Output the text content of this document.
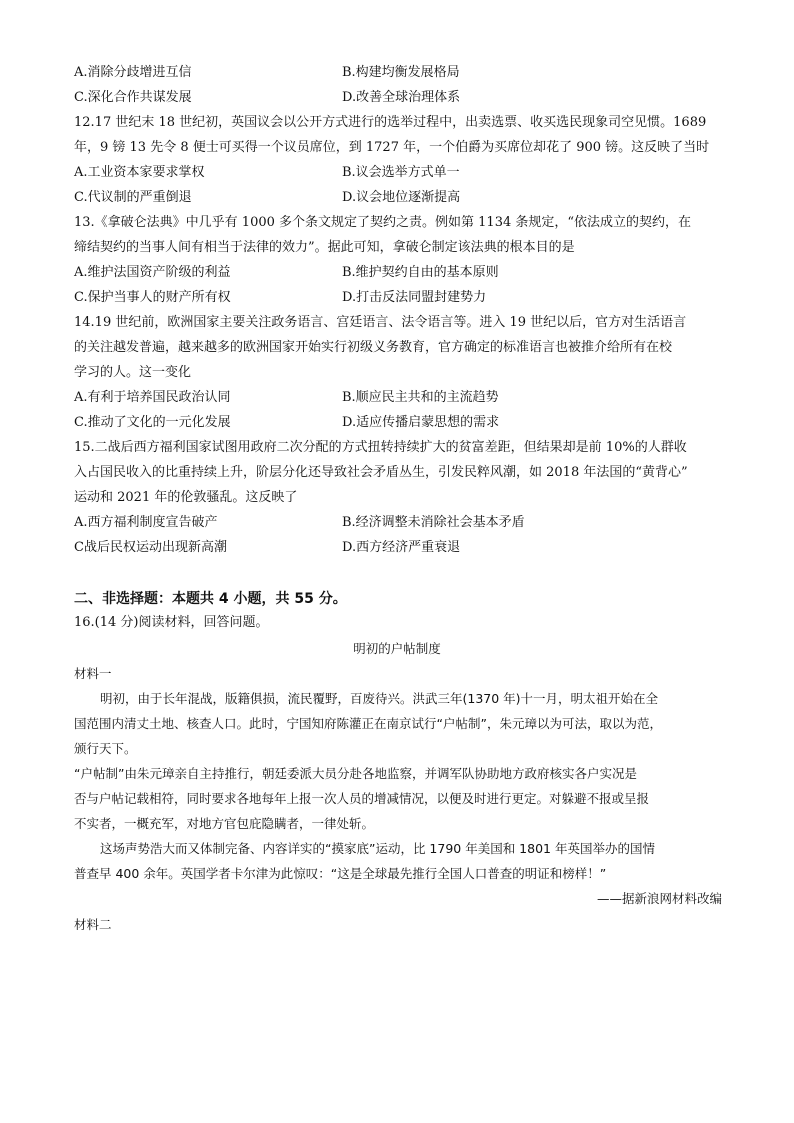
A.消除分歧增进互信	B.构建均衡发展格局
C.深化合作共谋发展	D.改善全球治理体系
12.17 世纪末 18 世纪初，英国议会以公开方式进行的选举过程中，出卖选票、收买选民现象司空见惯。1689
年，9 镑 13 先令 8 便士可买得一个议员席位，到 1727 年，一个伯爵为买席位却花了 900 镑。这反映了当时
A.工业资本家要求掌权	B.议会选举方式单一
C.代议制的严重倒退	D.议会地位逐渐提高
13.《拿破仑法典》中几乎有 1000 多个条文规定了契约之责。例如第 1134 条规定，“依法成立的契约，在
缔结契约的当事人间有相当于法律的效力”。据此可知，拿破仑制定该法典的根本目的是
A.维护法国资产阶级的利益	B.维护契约自由的基本原则
C.保护当事人的财产所有权	D.打击反法同盟封建势力
14.19 世纪前，欧洲国家主要关注政务语言、宫廷语言、法令语言等。进入 19 世纪以后，官方对生活语言
的关注越发普遍，越来越多的欧洲国家开始实行初级义务教育，官方确定的标准语言也被推介给所有在校
学习的人。这一变化
A.有利于培养国民政治认同	B.顺应民主共和的主流趋势
C.推动了文化的一元化发展	D.适应传播启蒙思想的需求
15.二战后西方福利国家试图用政府二次分配的方式扭转持续扩大的贫富差距，但结果却是前 10%的人群收
入占国民收入的比重持续上升，阶层分化还导致社会矛盾丛生，引发民粹风潮，如 2018 年法国的“黄背心”
运动和 2021 年的伦敦骚乱。这反映了
A.西方福利制度宣告破产	B.经济调整未消除社会基本矛盾
C战后民权运动出现新高潮	D.西方经济严重衰退
二、非选择题：本题共 4 小题，共 55 分。
16.(14 分)阅读材料，回答问题。
明初的户帖制度
材料一
明初，由于长年混战，版籍俱损，流民覆野，百废待兴。洪武三年(1370 年)十一月，明太祖开始在全
国范围内清丈土地、核查人口。此时，宁国知府陈灌正在南京试行“户帖制”，朱元璋以为可法，取以为范，
颁行天下。
“户帖制”由朱元璋亲自主持推行，朝廷委派大员分赴各地监察，并调军队协助地方政府核实各户实况是
否与户帖记载相符，同时要求各地每年上报一次人员的增减情况，以便及时进行更定。对躲避不报或呈报
不实者，一概充军，对地方官包庇隐瞒者，一律处斩。
这场声势浩大而又体制完备、内容详实的“摸家底”运动，比 1790 年美国和 1801 年英国举办的国情
普查早 400 余年。英国学者卡尔津为此惊叹：“这是全球最先推行全国人口普查的明证和榜样！”
——据新浪网材料改编
材料二
